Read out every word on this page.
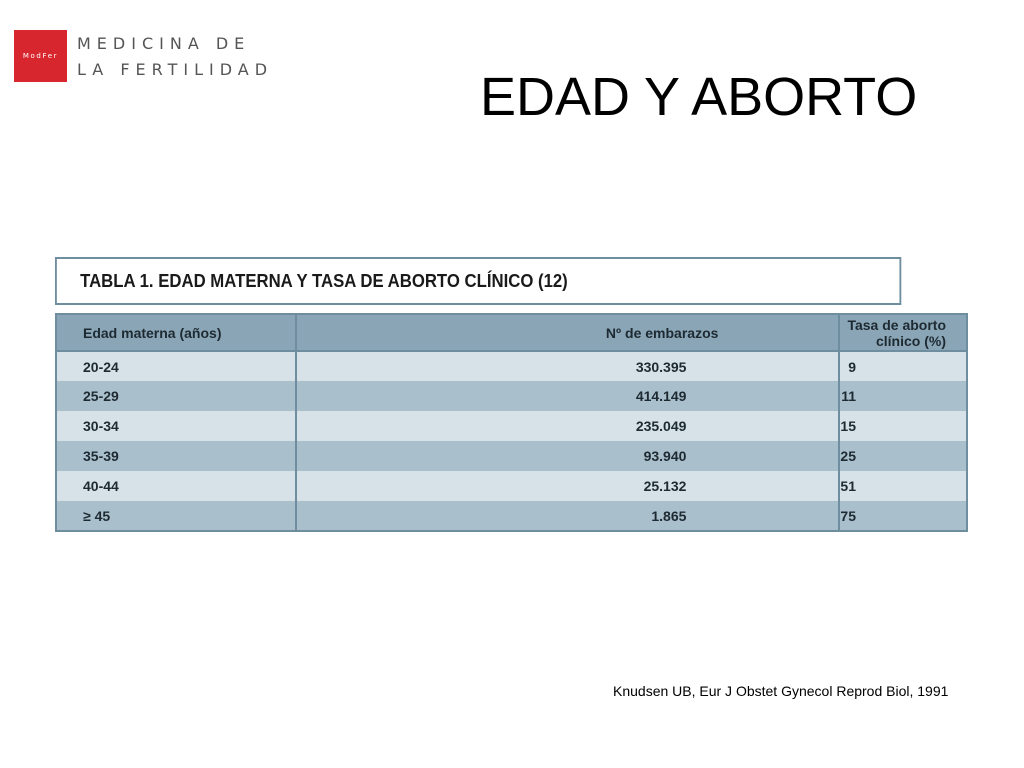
ModFer
MEDICINA DE
LA FERTILIDAD	EDAD Y ABORTO
TABLA 1. EDAD MATERNA Y TASA DE ABORTO CLÍNICO (12)
Edad materna (años)	Nº de embarazos	Tasa de aborto clínico (%)
20-24	330.395	9
25-29	414.149	11
30-34	235.049	15
35-39	93.940	25
40-44	25.132	51
≥ 45	1.865	75
Knudsen UB, Eur J Obstet Gynecol Reprod Biol, 1991
